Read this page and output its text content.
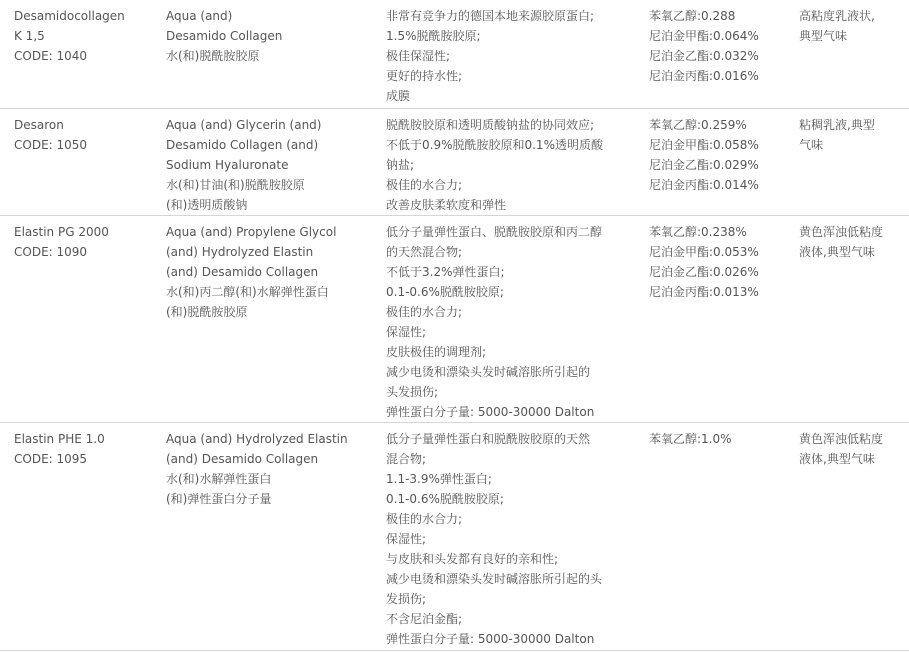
Desamidocollagen
K 1,5
CODE: 1040
Aqua (and)
Desamido Collagen
水(和)脱酰胺胶原
非常有竞争力的德国本地来源胶原蛋白;
1.5%脱酰胺胶原;
极佳保湿性;
更好的持水性;
成膜
苯氧乙醇:0.288
尼泊金甲酯:0.064%
尼泊金乙酯:0.032%
尼泊金丙酯:0.016%
高粘度乳液状,
典型气味
Desaron
CODE: 1050
Aqua (and) Glycerin (and)
Desamido Collagen (and)
Sodium Hyaluronate
水(和)甘油(和)脱酰胺胶原
(和)透明质酸钠
脱酰胺胶原和透明质酸钠盐的协同效应;
不低于0.9%脱酰胺胶原和0.1%透明质酸
钠盐;
极佳的水合力;
改善皮肤柔软度和弹性
苯氧乙醇:0.259%
尼泊金甲酯:0.058%
尼泊金乙酯:0.029%
尼泊金丙酯:0.014%
粘稠乳液,典型
气味
Elastin PG 2000
CODE: 1090
Aqua (and) Propylene Glycol
(and) Hydrolyzed Elastin
(and) Desamido Collagen
水(和)丙二醇(和)水解弹性蛋白
(和)脱酰胺胶原
低分子量弹性蛋白、脱酰胺胶原和丙二醇
的天然混合物;
不低于3.2%弹性蛋白;
0.1-0.6%脱酰胺胶原;
极佳的水合力;
保湿性;
皮肤极佳的调理剂;
减少电烫和漂染头发时碱溶胀所引起的
头发损伤;
弹性蛋白分子量: 5000-30000 Dalton
苯氧乙醇:0.238%
尼泊金甲酯:0.053%
尼泊金乙酯:0.026%
尼泊金丙酯:0.013%
黄色浑浊低粘度
液体,典型气味
Elastin PHE 1.0
CODE: 1095
Aqua (and) Hydrolyzed Elastin
(and) Desamido Collagen
水(和)水解弹性蛋白
(和)弹性蛋白分子量
低分子量弹性蛋白和脱酰胺胶原的天然
混合物;
1.1-3.9%弹性蛋白;
0.1-0.6%脱酰胺胶原;
极佳的水合力;
保湿性;
与皮肤和头发都有良好的亲和性;
减少电烫和漂染头发时碱溶胀所引起的头
发损伤;
不含尼泊金酯;
弹性蛋白分子量: 5000-30000 Dalton
苯氧乙醇:1.0%	黄色浑浊低粘度
液体,典型气味
